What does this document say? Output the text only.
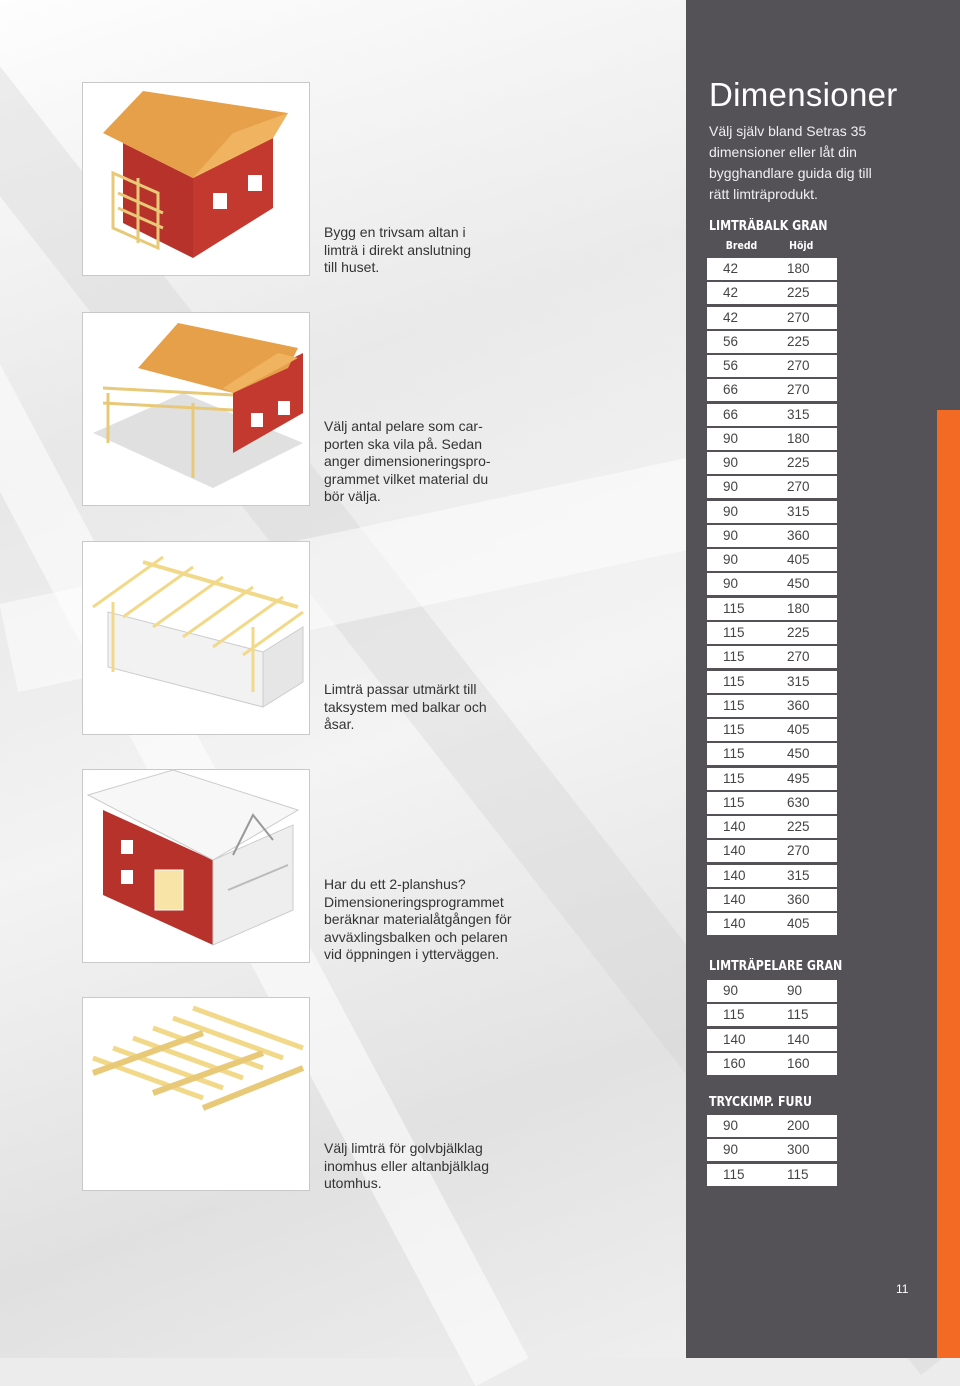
Bygg en trivsam altan i
limträ i direkt anslutning
till huset.
Välj antal pelare som car-
porten ska vila på. Sedan
anger dimensioneringspro-
grammet vilket material du
bör välja.
Limträ passar utmärkt till
taksystem med balkar och
åsar.
Har du ett 2-planshus?
Dimensioneringsprogrammet
beräknar materialåtgången för
avväxlingsbalken och pelaren
vid öppningen i ytterväggen.
Välj limträ för golvbjälklag
inomhus eller altanbjälklag
utomhus.
Dimensioner
Välj själv bland Setras 35
dimensioner eller låt din
bygghandlare guida dig till
rätt limträprodukt.
LIMTRÄBALK GRAN
Bredd	Höjd
42	180
42	225
42	270
56	225
56	270
66	270
66	315
90	180
90	225
90	270
90	315
90	360
90	405
90	450
115	180
115	225
115	270
115	315
115	360
115	405
115	450
115	495
115	630
140	225
140	270
140	315
140	360
140	405
LIMTRÄPELARE GRAN
90	90
115	115
140	140
160	160
TRYCKIMP. FURU
90	200
90	300
115	115
11
